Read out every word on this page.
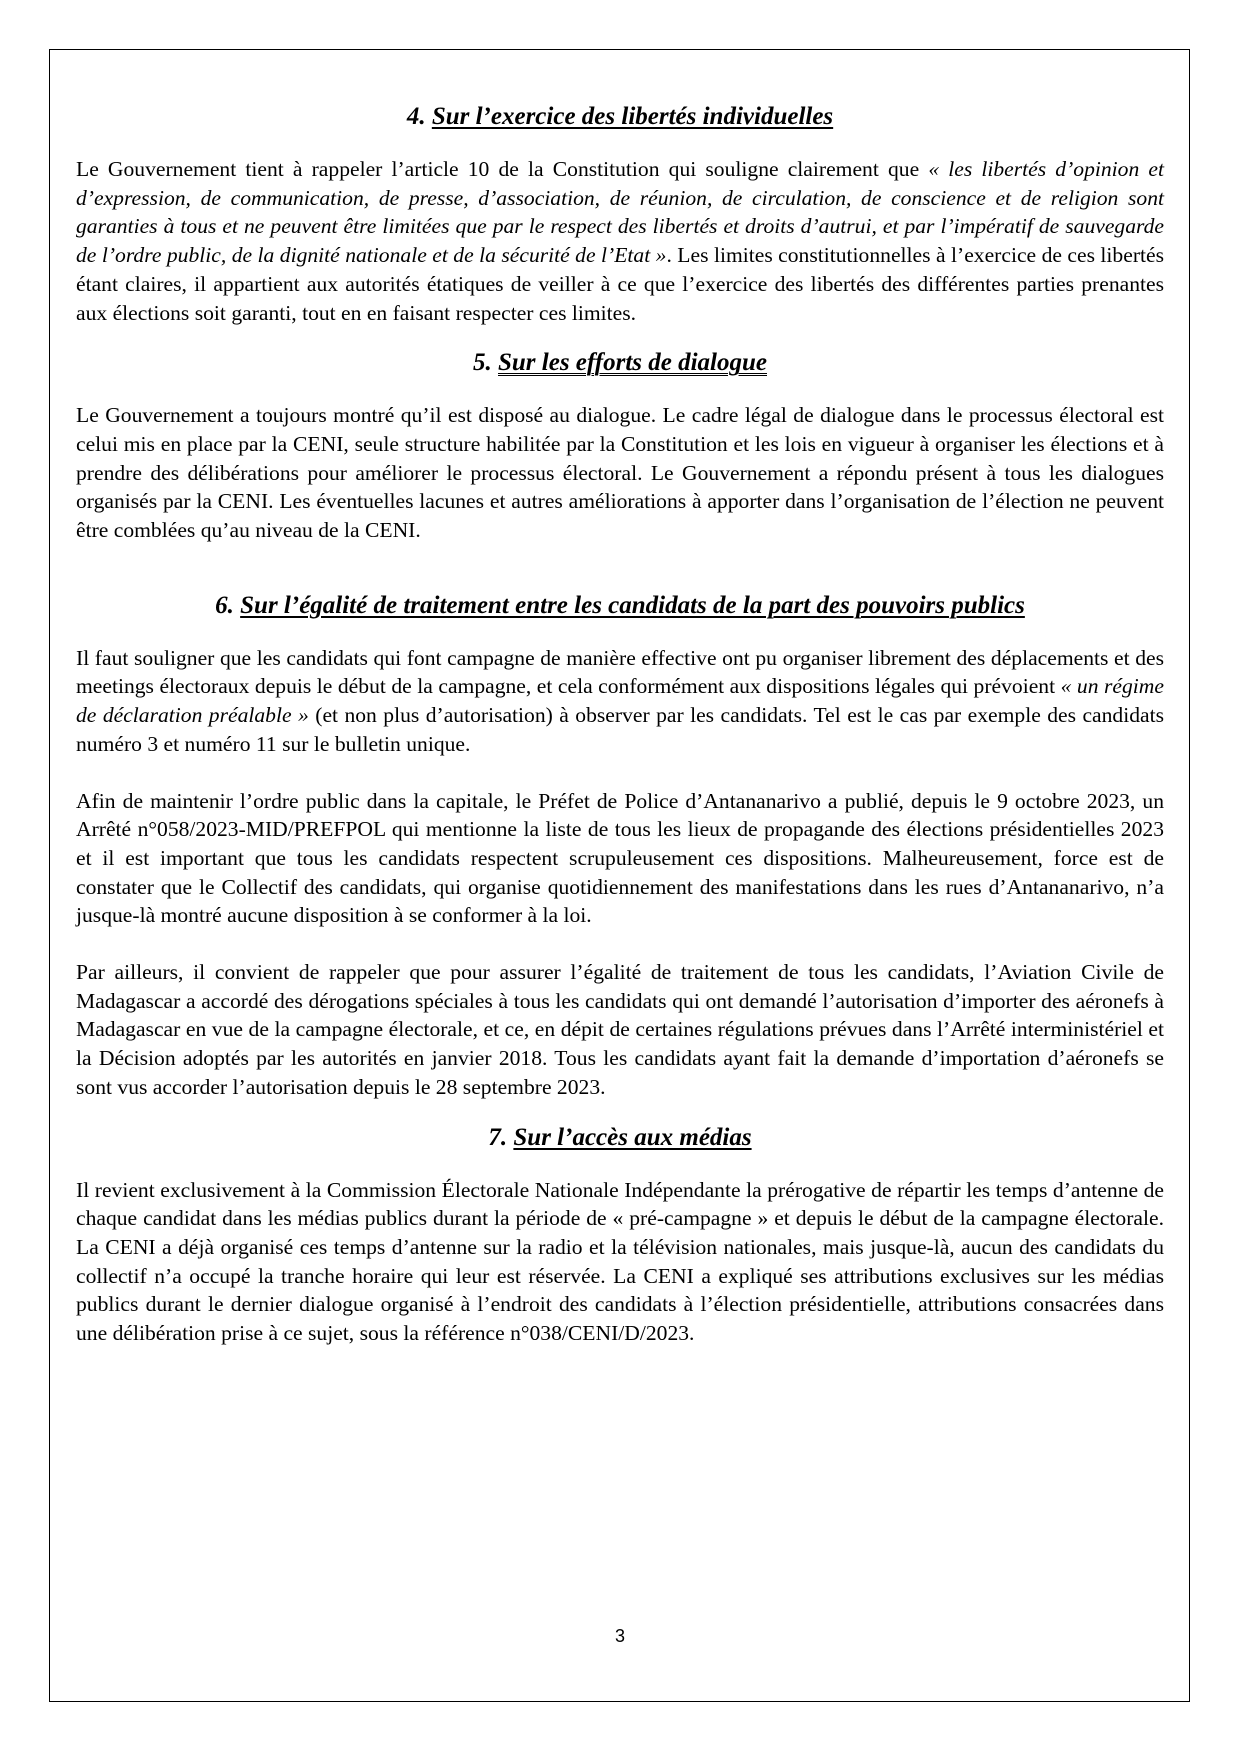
4. Sur l’exercice des libertés individuelles

Le Gouvernement tient à rappeler l’article 10 de la Constitution qui souligne clairement que « les libertés d’opinion et d’expression, de communication, de presse, d’association, de réunion, de circulation, de conscience et de religion sont garanties à tous et ne peuvent être limitées que par le respect des libertés et droits d’autrui, et par l’impératif de sauvegarde de l’ordre public, de la dignité nationale et de la sécurité de l’Etat ». Les limites constitutionnelles à l’exercice de ces libertés étant claires, il appartient aux autorités étatiques de veiller à ce que l’exercice des libertés des différentes parties prenantes aux élections soit garanti, tout en en faisant respecter ces limites.

5. Sur les efforts de dialogue

Le Gouvernement a toujours montré qu’il est disposé au dialogue. Le cadre légal de dialogue dans le processus électoral est celui mis en place par la CENI, seule structure habilitée par la Constitution et les lois en vigueur à organiser les élections et à prendre des délibérations pour améliorer le processus électoral. Le Gouvernement a répondu présent à tous les dialogues organisés par la CENI. Les éventuelles lacunes et autres améliorations à apporter dans l’organisation de l’élection ne peuvent être comblées qu’au niveau de la CENI.

6. Sur l’égalité de traitement entre les candidats de la part des pouvoirs publics

Il faut souligner que les candidats qui font campagne de manière effective ont pu organiser librement des déplacements et des meetings électoraux depuis le début de la campagne, et cela conformément aux dispositions légales qui prévoient « un régime de déclaration préalable » (et non plus d’autorisation) à observer par les candidats. Tel est le cas par exemple des candidats numéro 3 et numéro 11 sur le bulletin unique.

Afin de maintenir l’ordre public dans la capitale, le Préfet de Police d’Antananarivo a publié, depuis le 9 octobre 2023, un Arrêté n°058/2023-MID/PREFPOL qui mentionne la liste de tous les lieux de propagande des élections présidentielles 2023 et il est important que tous les candidats respectent scrupuleusement ces dispositions. Malheureusement, force est de constater que le Collectif des candidats, qui organise quotidiennement des manifestations dans les rues d’Antananarivo, n’a jusque-là montré aucune disposition à se conformer à la loi.

Par ailleurs, il convient de rappeler que pour assurer l’égalité de traitement de tous les candidats, l’Aviation Civile de Madagascar a accordé des dérogations spéciales à tous les candidats qui ont demandé l’autorisation d’importer des aéronefs à Madagascar en vue de la campagne électorale, et ce, en dépit de certaines régulations prévues dans l’Arrêté interministériel et la Décision adoptés par les autorités en janvier 2018. Tous les candidats ayant fait la demande d’importation d’aéronefs se sont vus accorder l’autorisation depuis le 28 septembre 2023.

7. Sur l’accès aux médias

Il revient exclusivement à la Commission Électorale Nationale Indépendante la prérogative de répartir les temps d’antenne de chaque candidat dans les médias publics durant la période de « pré-campagne » et depuis le début de la campagne électorale. La CENI a déjà organisé ces temps d’antenne sur la radio et la télévision nationales, mais jusque-là, aucun des candidats du collectif n’a occupé la tranche horaire qui leur est réservée. La CENI a expliqué ses attributions exclusives sur les médias publics durant le dernier dialogue organisé à l’endroit des candidats à l’élection présidentielle, attributions consacrées dans une délibération prise à ce sujet, sous la référence n°038/CENI/D/2023.

3
